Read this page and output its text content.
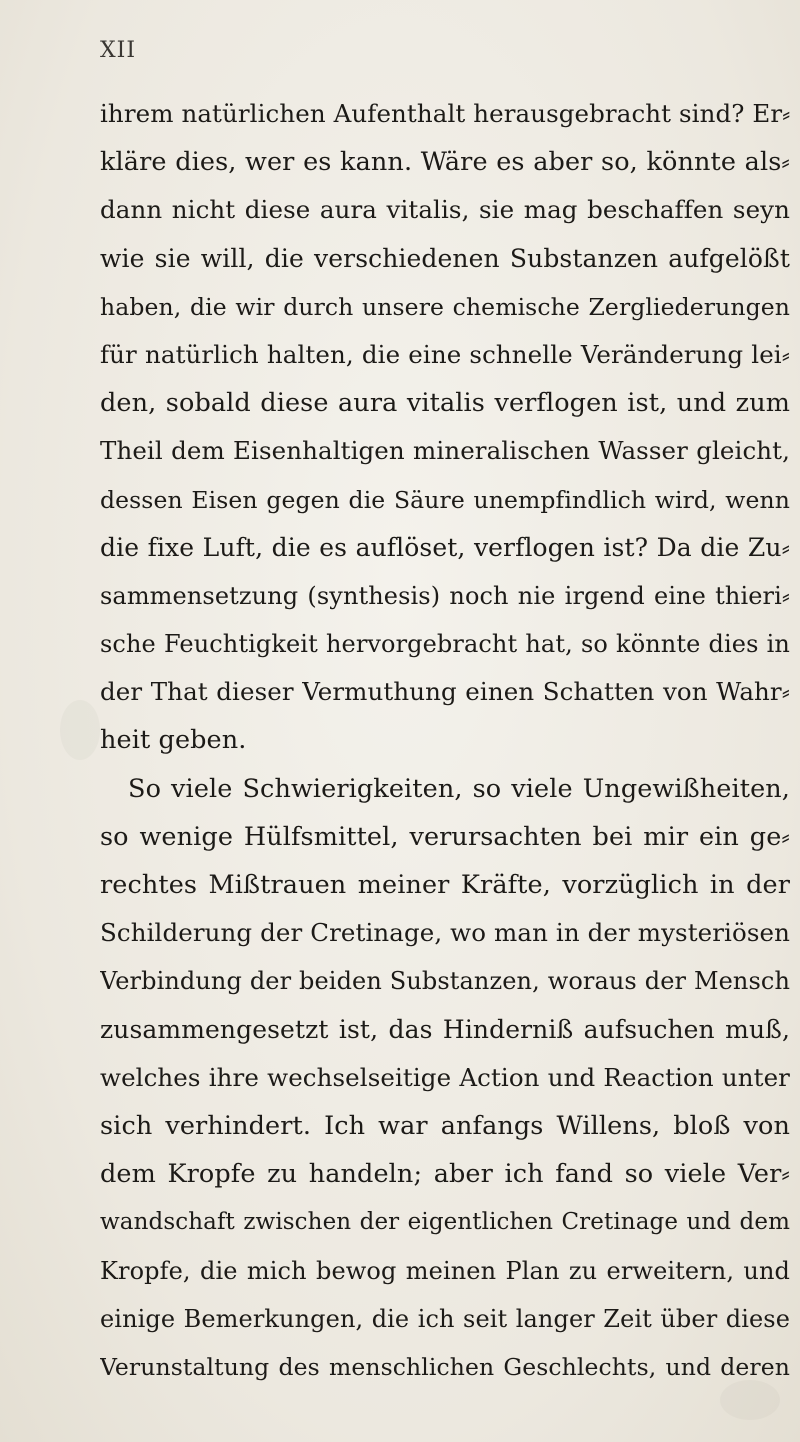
XII
ihrem natürlichen Aufenthalt herausgebracht sind? Er⸗
kläre dies, wer es kann. Wäre es aber so, könnte als⸗
dann nicht diese aura vitalis, sie mag beschaffen seyn
wie sie will, die verschiedenen Substanzen aufgelößt
haben, die wir durch unsere chemische Zergliederungen
für natürlich halten, die eine schnelle Veränderung lei⸗
den, sobald diese aura vitalis verflogen ist, und zum
Theil dem Eisenhaltigen mineralischen Wasser gleicht,
dessen Eisen gegen die Säure unempfindlich wird, wenn
die fixe Luft, die es auflöset, verflogen ist? Da die Zu⸗
sammensetzung (synthesis) noch nie irgend eine thieri⸗
sche Feuchtigkeit hervorgebracht hat, so könnte dies in
der That dieser Vermuthung einen Schatten von Wahr⸗
heit geben.
So viele Schwierigkeiten, so viele Ungewißheiten,
so wenige Hülfsmittel, verursachten bei mir ein ge⸗
rechtes Mißtrauen meiner Kräfte, vorzüglich in der
Schilderung der Cretinage, wo man in der mysteriösen
Verbindung der beiden Substanzen, woraus der Mensch
zusammengesetzt ist, das Hinderniß aufsuchen muß,
welches ihre wechselseitige Action und Reaction unter
sich verhindert. Ich war anfangs Willens, bloß von
dem Kropfe zu handeln; aber ich fand so viele Ver⸗
wandschaft zwischen der eigentlichen Cretinage und dem
Kropfe, die mich bewog meinen Plan zu erweitern, und
einige Bemerkungen, die ich seit langer Zeit über diese
Verunstaltung des menschlichen Geschlechts, und deren
